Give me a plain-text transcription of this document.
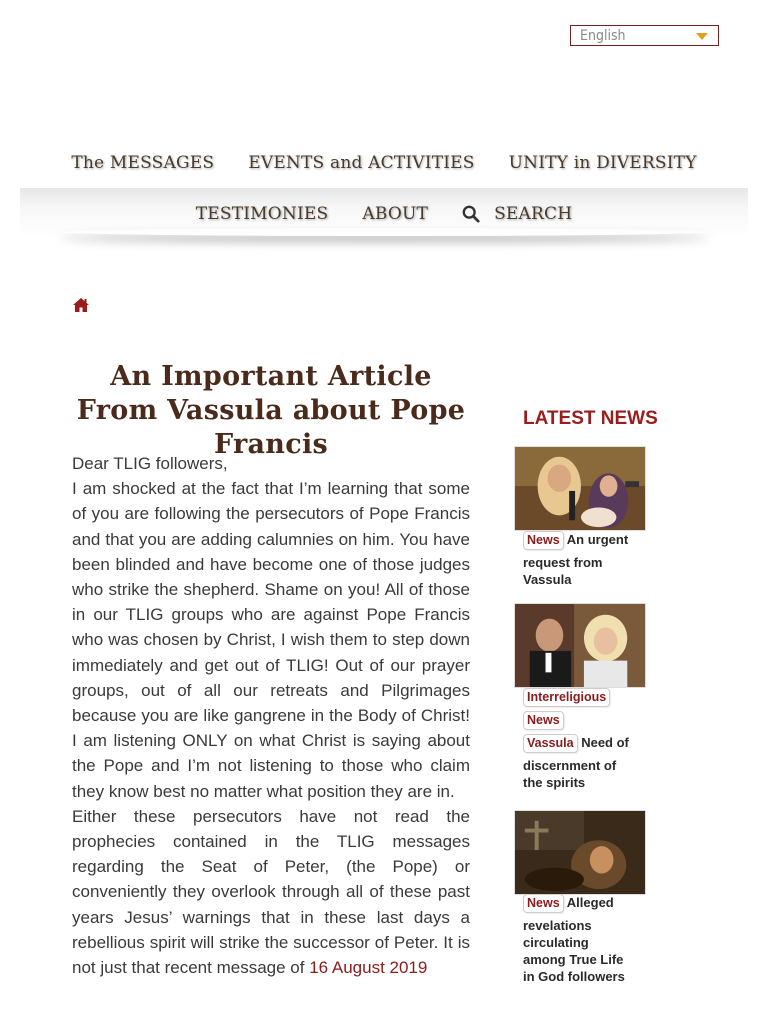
English
The MESSAGES EVENTS and ACTIVITIES UNITY in DIVERSITY
TESTIMONIES ABOUT	SEARCH
An Important Article From Vassula about Pope Francis

Dear TLIG followers,

I am shocked at the fact that I’m learning that some of you are following the persecutors of Pope Francis and that you are adding calumnies on him. You have been blinded and have become one of those judges who strike the shepherd. Shame on you! All of those in our TLIG groups who are against Pope Francis who was chosen by Christ, I wish them to step down immediately and get out of TLIG! Out of our prayer groups, out of all our retreats and Pilgrimages because you are like gangrene in the Body of Christ! I am listening ONLY on what Christ is saying about the Pope and I’m not listening to those who claim they know best no matter what position they are in.

Either these persecutors have not read the prophecies contained in the TLIG messages regarding the Seat of Peter, (the Pope) or conveniently they overlook through all of these past years Jesus’ warnings that in these last days a rebellious spirit will strike the successor of Peter. It is not just that recent message of 16 August 2019

LATEST NEWS
News An urgent request from Vassula
Interreligious
News
Vassula Need of discernment of the spirits
News Alleged revelations circulating among True Life in God followers
